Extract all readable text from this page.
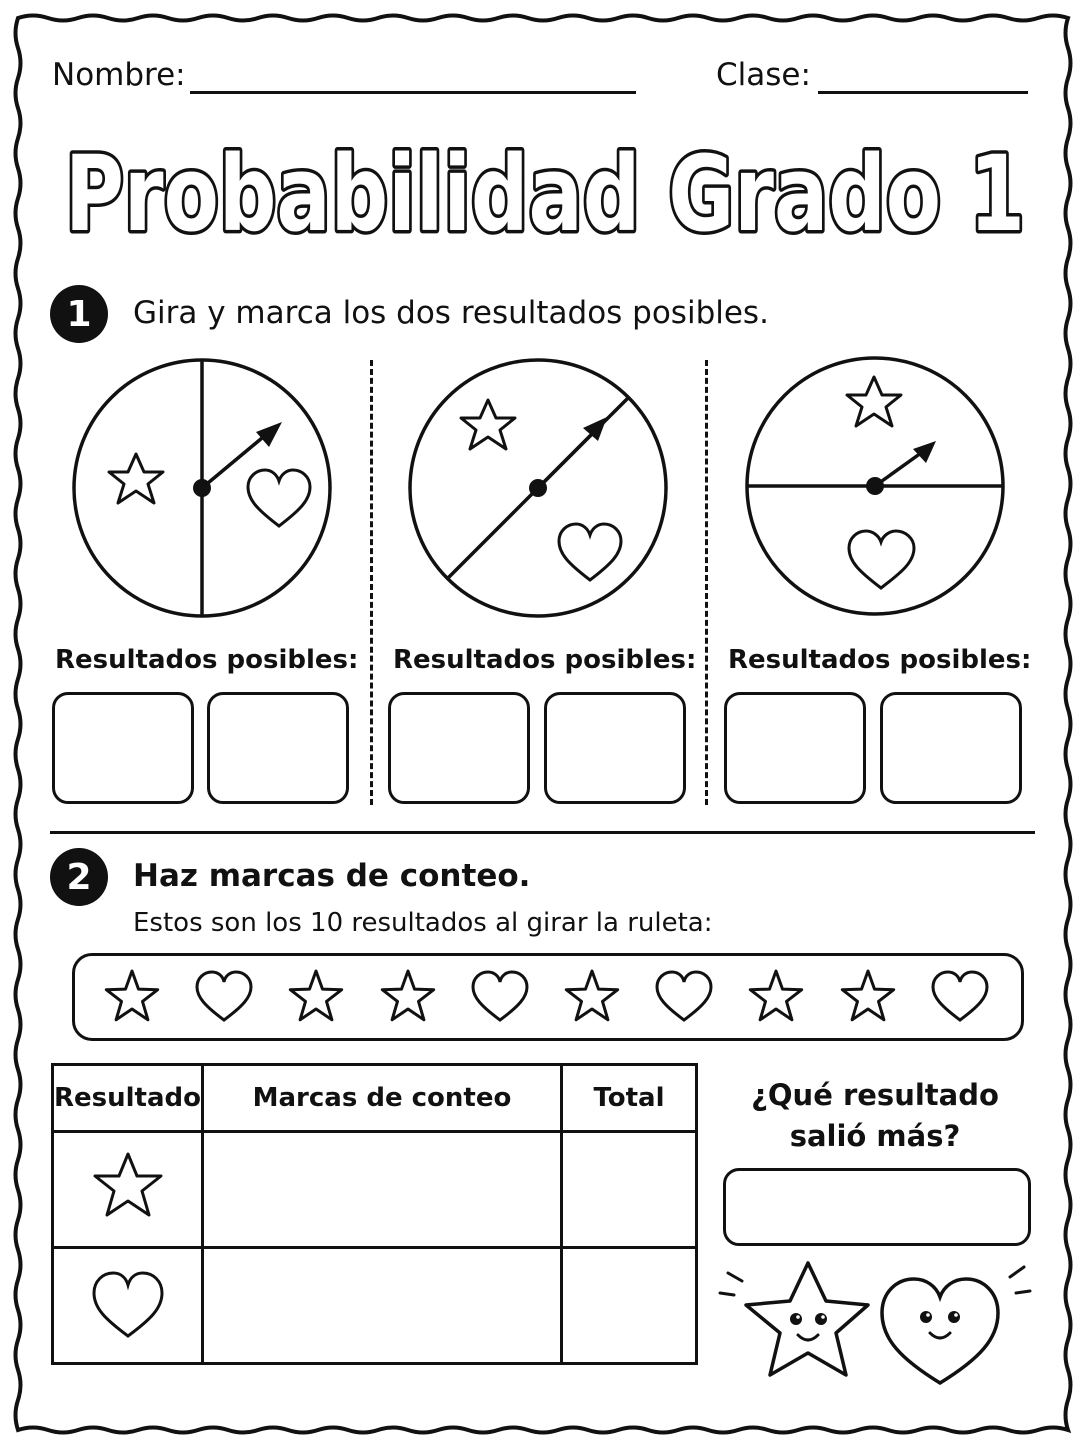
Nombre:	Clase:
Probabilidad Grado 1
1	Gira y marca los dos resultados posibles.
Resultados posibles: Resultados posibles: Resultados posibles:
2	Haz marcas de conteo.
Estos son los 10 resultados al girar la ruleta:
Resultado	Marcas de conteo	Total

			¿Qué resultado salió más?
